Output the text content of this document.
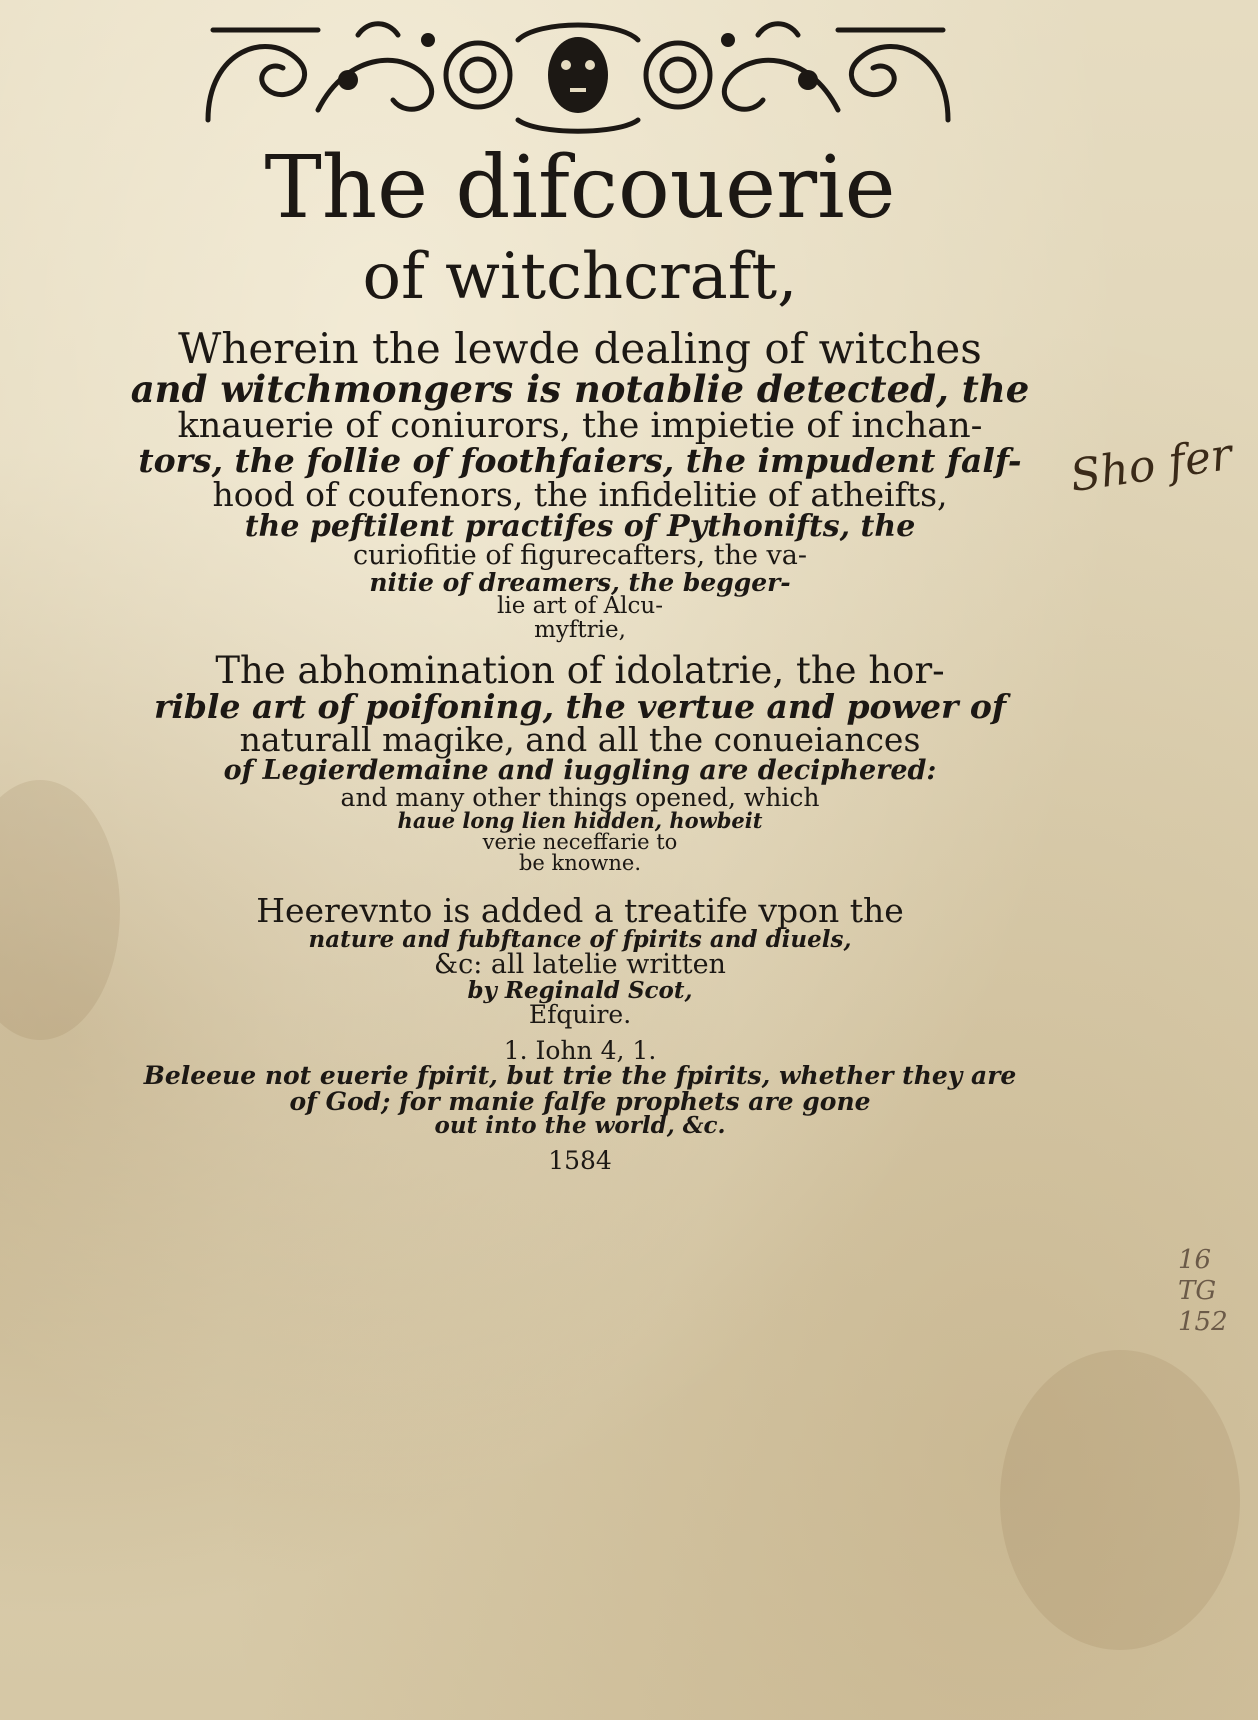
The difcouerie
of witchcraft,
Wherein the lewde dealing of witches
and witchmongers is notablie detected, the
knauerie of coniurors, the impietie of inchan-
tors, the follie of foothfaiers, the impudent falf-
hood of coufenors, the infidelitie of atheifts,
the peftilent practifes of Pythonifts, the
curiofitie of figurecafters, the va-
nitie of dreamers, the begger-
lie art of Alcu-
myftrie,
The abhomination of idolatrie, the hor-
rible art of poifoning, the vertue and power of
naturall magike, and all the conueiances
of Legierdemaine and iuggling are deciphered:
and many other things opened, which
haue long lien hidden, howbeit
verie neceffarie to
be knowne.
Heerevnto is added a treatife vpon the
nature and fubftance of fpirits and diuels,
&c: all latelie written
by Reginald Scot,
Efquire.
1. Iohn 4, 1.
Beleeue not euerie fpirit, but trie the fpirits, whether they are
of God; for manie falfe prophets are gone
out into the world, &c.
1584
Sho fer
16
TG
152
